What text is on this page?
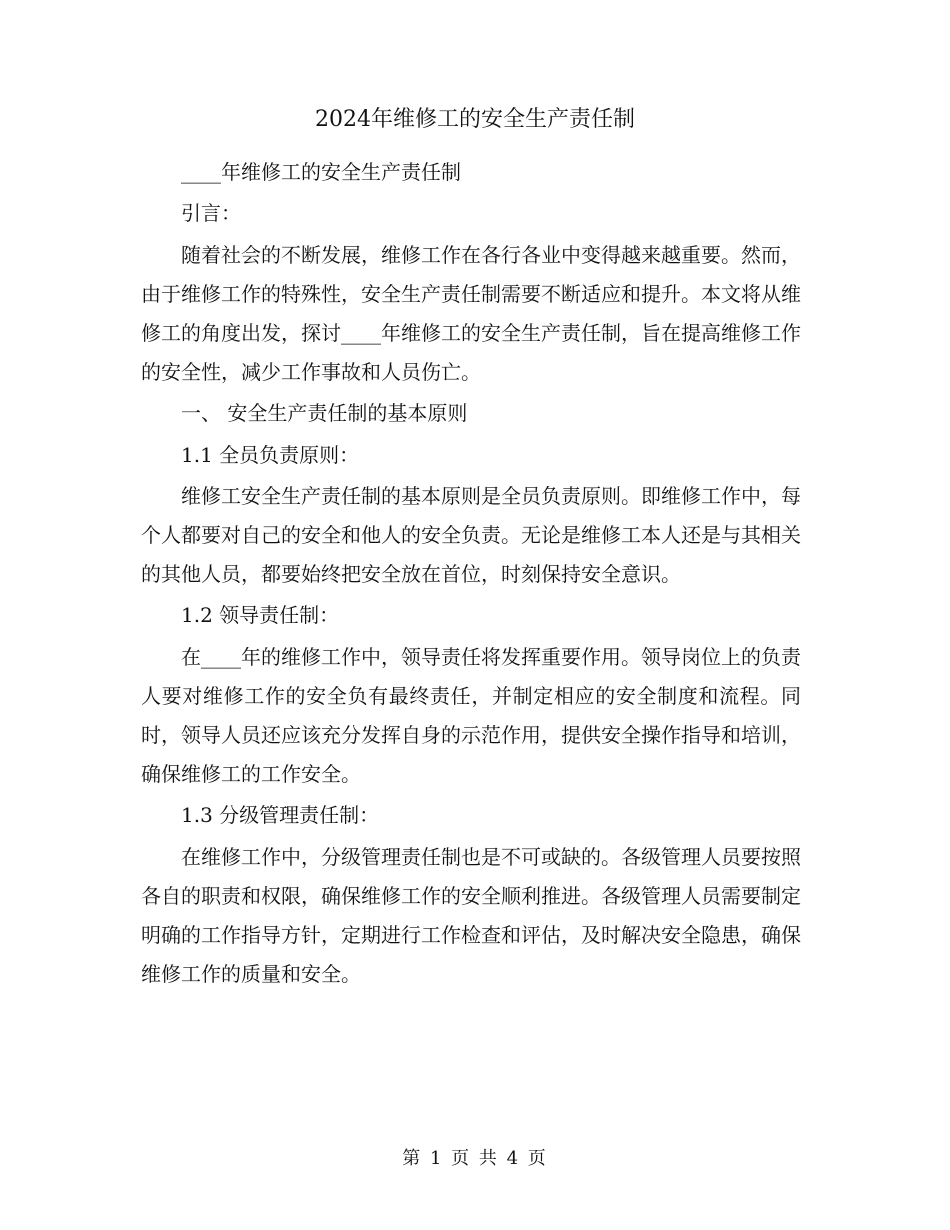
2024年维修工的安全生产责任制

____年维修工的安全生产责任制

引言：

随着社会的不断发展，维修工作在各行各业中变得越来越重要。然而，由于维修工作的特殊性，安全生产责任制需要不断适应和提升。本文将从维修工的角度出发，探讨____年维修工的安全生产责任制，旨在提高维修工作的安全性，减少工作事故和人员伤亡。

一、 安全生产责任制的基本原则

1.1 全员负责原则：

维修工安全生产责任制的基本原则是全员负责原则。即维修工作中，每个人都要对自己的安全和他人的安全负责。无论是维修工本人还是与其相关的其他人员，都要始终把安全放在首位，时刻保持安全意识。

1.2 领导责任制：

在____年的维修工作中，领导责任将发挥重要作用。领导岗位上的负责人要对维修工作的安全负有最终责任，并制定相应的安全制度和流程。同时，领导人员还应该充分发挥自身的示范作用，提供安全操作指导和培训，确保维修工的工作安全。

1.3 分级管理责任制：

在维修工作中，分级管理责任制也是不可或缺的。各级管理人员要按照各自的职责和权限，确保维修工作的安全顺利推进。各级管理人员需要制定明确的工作指导方针，定期进行工作检查和评估，及时解决安全隐患，确保维修工作的质量和安全。

第 1 页 共 4 页
